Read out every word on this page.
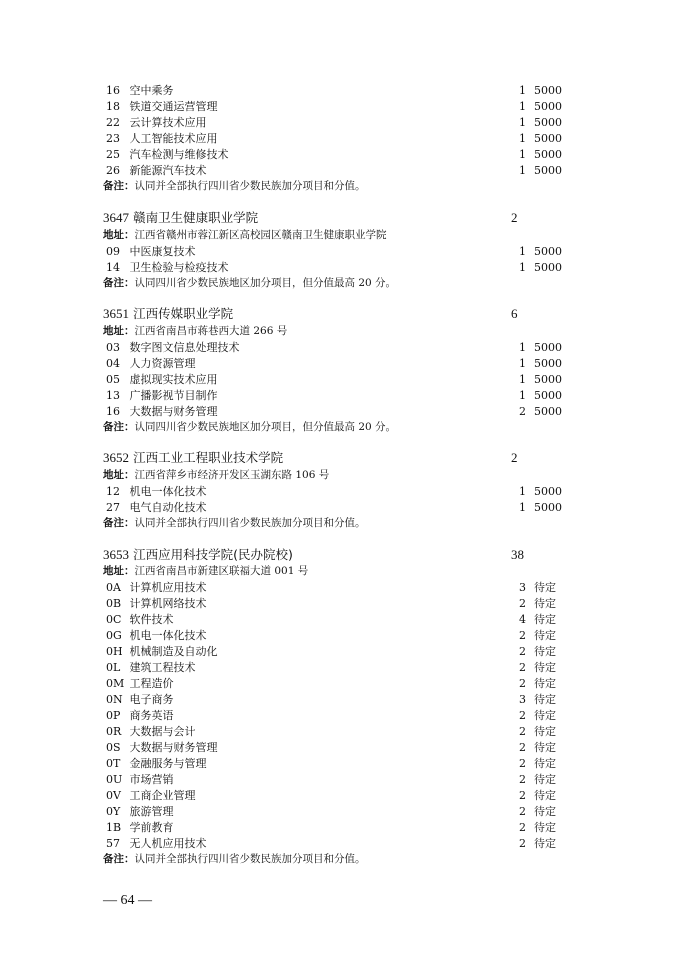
16 空中乘务	1 5000
18 铁道交通运营管理	1 5000
22 云计算技术应用	1 5000
23 人工智能技术应用	1 5000
25 汽车检测与维修技术	1 5000
26 新能源汽车技术	1 5000
备注：认同并全部执行四川省少数民族加分项目和分值。
3647 赣南卫生健康职业学院	2
地址：江西省赣州市蓉江新区高校园区赣南卫生健康职业学院
09 中医康复技术	1 5000
14 卫生检验与检疫技术	1 5000
备注：认同四川省少数民族地区加分项目，但分值最高 20 分。
3651 江西传媒职业学院	6
地址：江西省南昌市蒋巷西大道 266 号
03 数字图文信息处理技术	1 5000
04 人力资源管理	1 5000
05 虚拟现实技术应用	1 5000
13 广播影视节目制作	1 5000
16 大数据与财务管理	2 5000
备注：认同四川省少数民族地区加分项目，但分值最高 20 分。
3652 江西工业工程职业技术学院	2
地址：江西省萍乡市经济开发区玉湖东路 106 号
12 机电一体化技术	1 5000
27 电气自动化技术	1 5000
备注：认同并全部执行四川省少数民族加分项目和分值。
3653 江西应用科技学院(民办院校)	38
地址：江西省南昌市新建区联福大道 001 号
0A 计算机应用技术	3 待定
0B 计算机网络技术	2 待定
0C 软件技术	4 待定
0G 机电一体化技术	2 待定
0H 机械制造及自动化	2 待定
0L 建筑工程技术	2 待定
0M 工程造价	2 待定
0N 电子商务	3 待定
0P 商务英语	2 待定
0R 大数据与会计	2 待定
0S 大数据与财务管理	2 待定
0T 金融服务与管理	2 待定
0U 市场营销	2 待定
0V 工商企业管理	2 待定
0Y 旅游管理	2 待定
1B 学前教育	2 待定
57 无人机应用技术	2 待定
备注：认同并全部执行四川省少数民族加分项目和分值。
— 64 —
